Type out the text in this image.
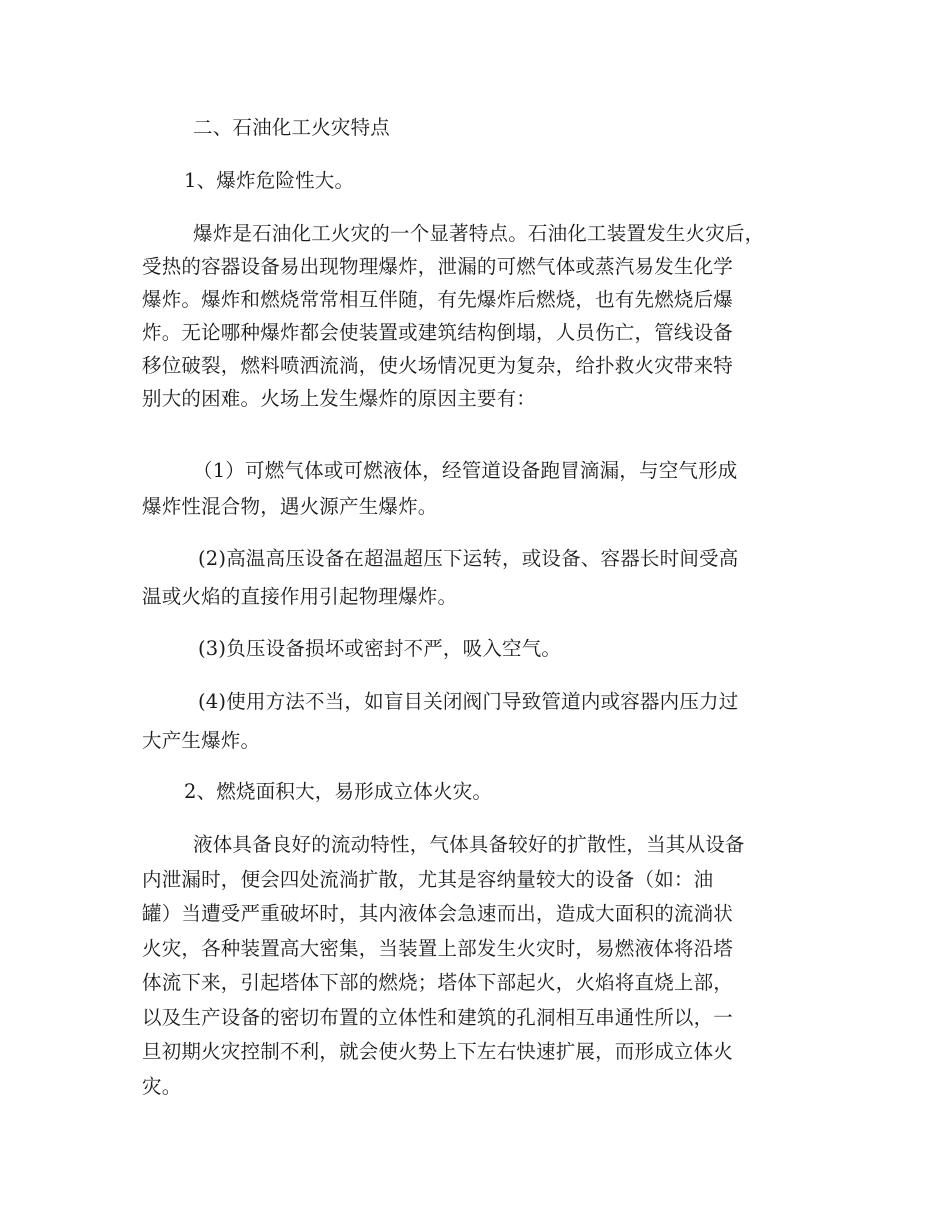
二、石油化工火灾特点
1、爆炸危险性大。
爆炸是石油化工火灾的一个显著特点。石油化工装置发生火灾后，
受热的容器设备易出现物理爆炸，泄漏的可燃气体或蒸汽易发生化学
爆炸。爆炸和燃烧常常相互伴随，有先爆炸后燃烧，也有先燃烧后爆
炸。无论哪种爆炸都会使装置或建筑结构倒塌，人员伤亡，管线设备
移位破裂，燃料喷洒流淌，使火场情况更为复杂，给扑救火灾带来特
别大的困难。火场上发生爆炸的原因主要有：
（1）可燃气体或可燃液体，经管道设备跑冒滴漏，与空气形成
爆炸性混合物，遇火源产生爆炸。
(2)高温高压设备在超温超压下运转，或设备、容器长时间受高
温或火焰的直接作用引起物理爆炸。
(3)负压设备损坏或密封不严，吸入空气。
(4)使用方法不当，如盲目关闭阀门导致管道内或容器内压力过
大产生爆炸。
2、燃烧面积大，易形成立体火灾。
液体具备良好的流动特性，气体具备较好的扩散性，当其从设备
内泄漏时，便会四处流淌扩散，尤其是容纳量较大的设备（如：油
罐）当遭受严重破坏时，其内液体会急速而出，造成大面积的流淌状
火灾，各种装置高大密集，当装置上部发生火灾时，易燃液体将沿塔
体流下来，引起塔体下部的燃烧；塔体下部起火，火焰将直烧上部，
以及生产设备的密切布置的立体性和建筑的孔洞相互串通性所以，一
旦初期火灾控制不利，就会使火势上下左右快速扩展，而形成立体火
灾。
